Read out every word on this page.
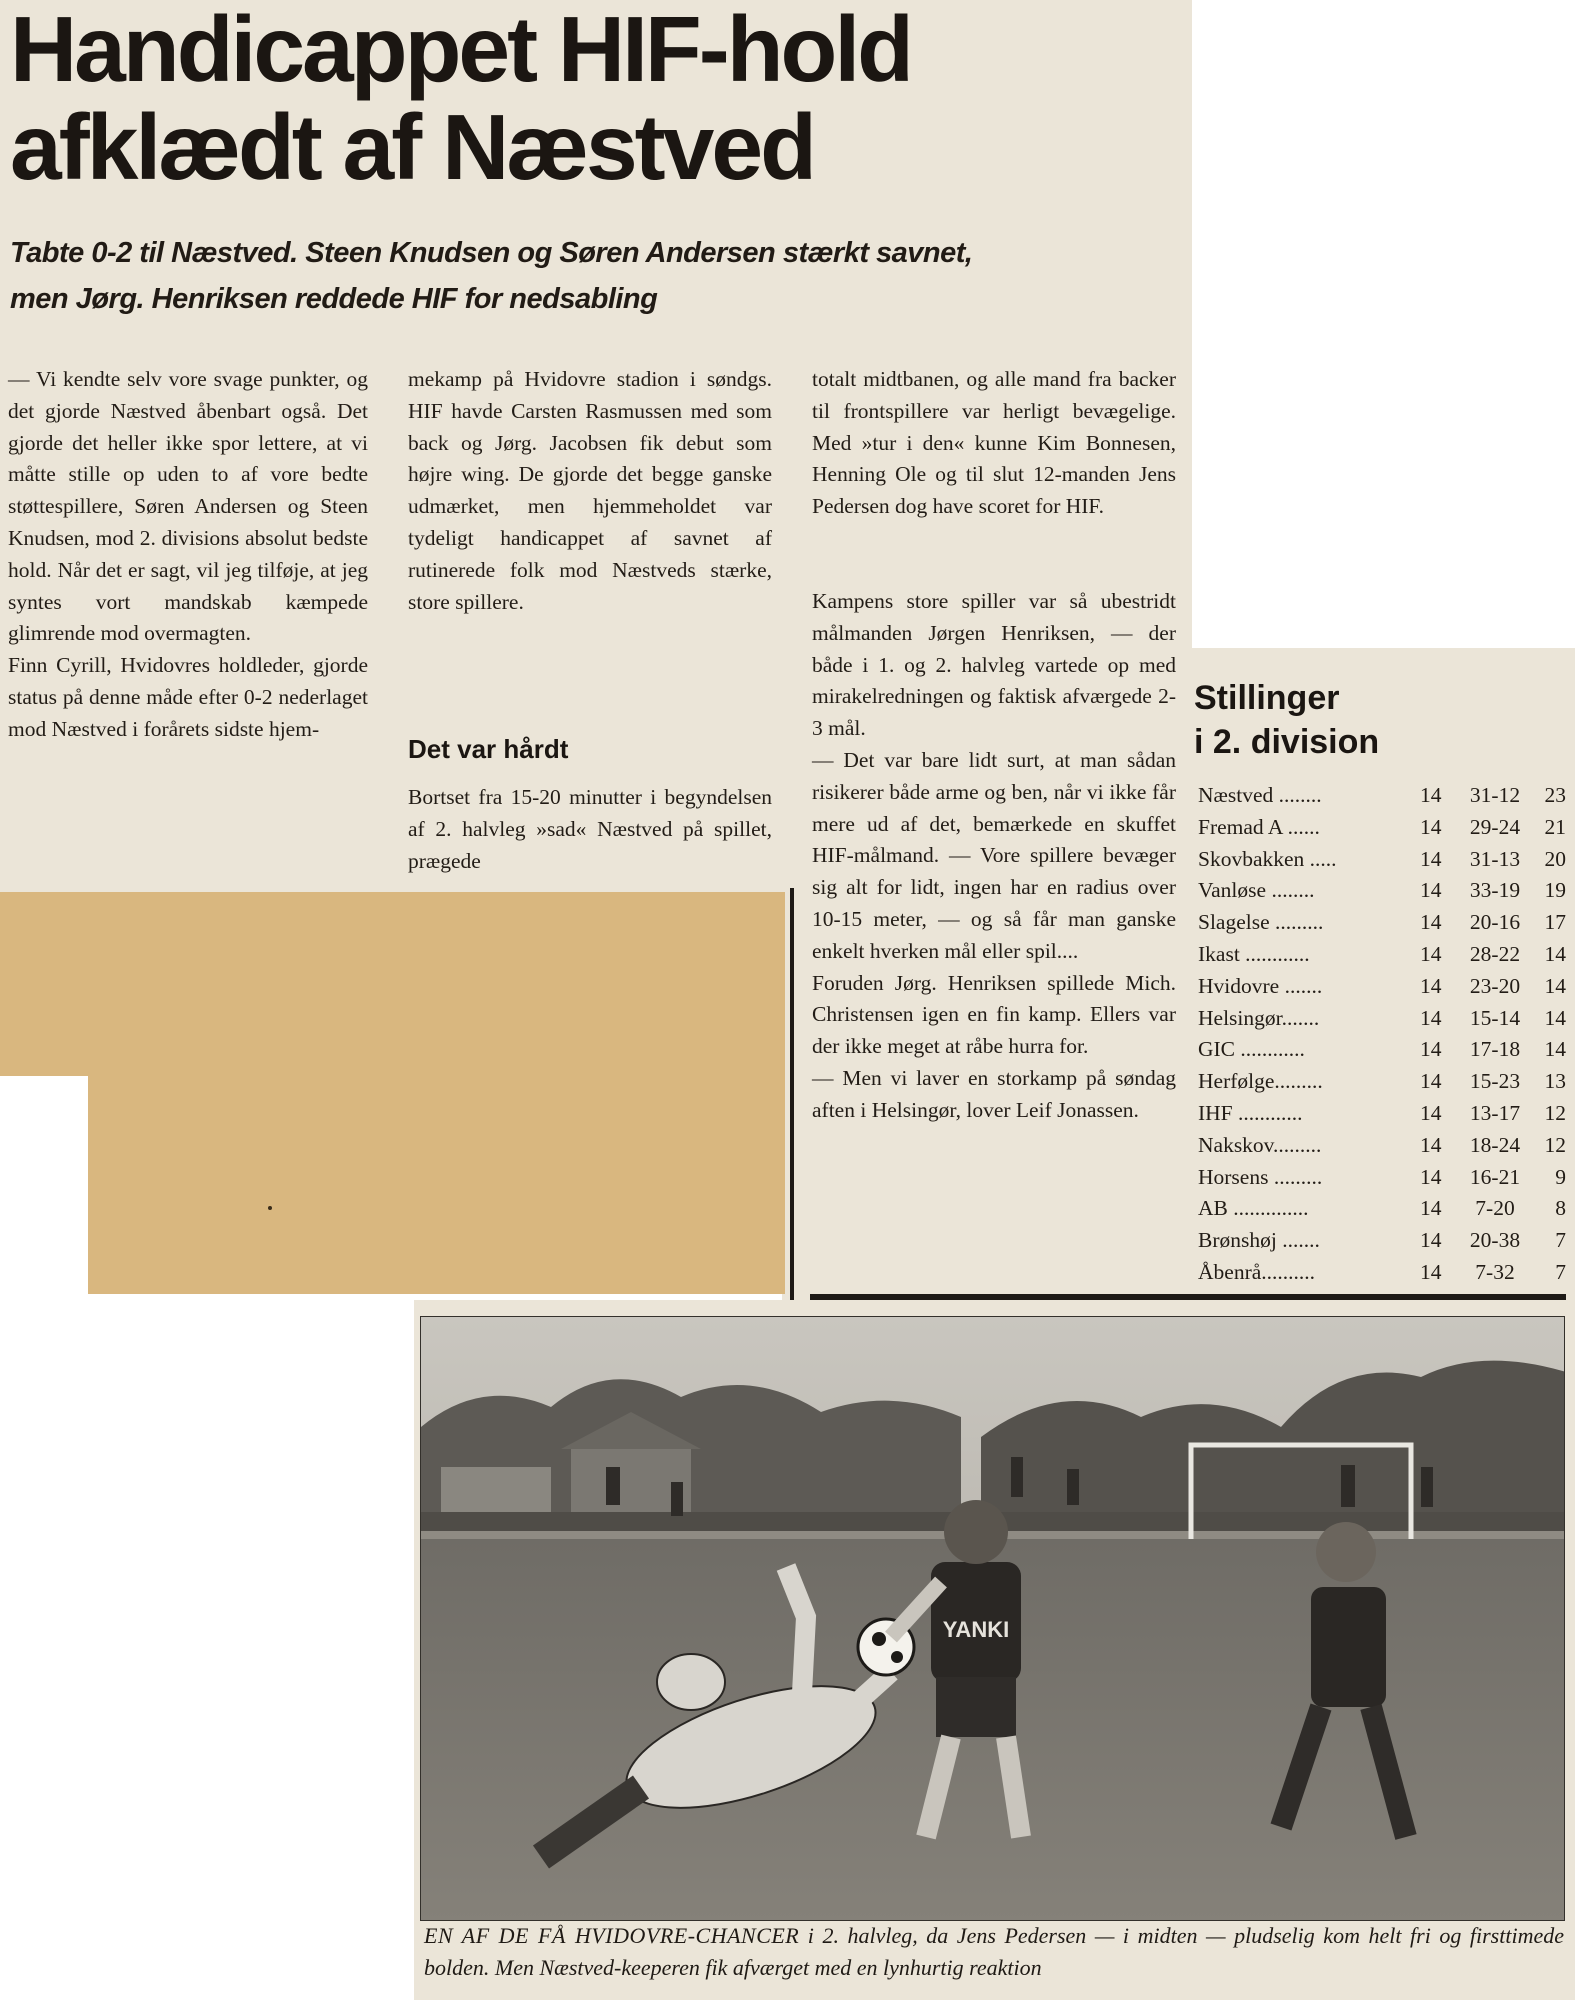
Handicappet HIF-hold
afklædt af Næstved
Tabte 0-2 til Næstved. Steen Knudsen og Søren Andersen stærkt savnet,
men Jørg. Henriksen reddede HIF for nedsabling

— Vi kendte selv vore svage punkter, og det gjorde Næstved åbenbart også. Det gjorde det heller ikke spor lettere, at vi måtte stille op uden to af vore bedte støttespillere, Søren Andersen og Steen Knudsen, mod 2. divisions absolut bedste hold. Når det er sagt, vil jeg tilføje, at jeg syntes vort mandskab kæmpede glimrende mod overmagten.

Finn Cyrill, Hvidovres holdleder, gjorde status på denne måde efter 0-2 nederlaget mod Næstved i forårets sidste hjem-

mekamp på Hvidovre stadion i søndgs. HIF havde Carsten Rasmussen med som back og Jørg. Jacobsen fik debut som højre wing. De gjorde det begge ganske udmærket, men hjemmeholdet var tydeligt handicappet af savnet af rutinerede folk mod Næstveds stærke, store spillere.

Det var hårdt

Bortset fra 15-20 minutter i begyndelsen af 2. halvleg »sad« Næstved på spillet, prægede

totalt midtbanen, og alle mand fra backer til frontspillere var herligt bevægelige. Med »tur i den« kunne Kim Bonnesen, Henning Ole og til slut 12-manden Jens Pedersen dog have scoret for HIF.

Kampens store spiller var så ubestridt målmanden Jørgen Henriksen, — der både i 1. og 2. halvleg vartede op med mirakelredningen og faktisk afværgede 2-3 mål.

— Det var bare lidt surt, at man sådan risikerer både arme og ben, når vi ikke får mere ud af det, bemærkede en skuffet HIF-målmand. — Vore spillere bevæger sig alt for lidt, ingen har en radius over 10-15 meter, — og så får man ganske enkelt hverken mål eller spil....

Foruden Jørg. Henriksen spillede Mich. Christensen igen en fin kamp. Ellers var der ikke meget at råbe hurra for.

— Men vi laver en storkamp på søndag aften i Helsingør, lover Leif Jonassen.

Stillinger
i 2. division
Næstved ........	14	31-12	23
Fremad A ......	14	29-24	21
Skovbakken .....	14	31-13	20
Vanløse ........	14	33-19	19
Slagelse .........	14	20-16	17
Ikast ............	14	28-22	14
Hvidovre .......	14	23-20	14
Helsingør.......	14	15-14	14
GIC ............	14	17-18	14
Herfølge.........	14	15-23	13
IHF ............	14	13-17	12
Nakskov.........	14	18-24	12
Horsens .........	14	16-21	9
AB ..............	14	7-20	8
Brønshøj .......	14	20-38	7
Åbenrå..........	14	7-32	7
YANKI
EN AF DE FÅ HVIDOVRE-CHANCER i 2. halvleg, da Jens Pedersen — i midten — pludselig kom helt fri og firsttimede bolden. Men Næstved-keeperen fik afværget med en lynhurtig reaktion
